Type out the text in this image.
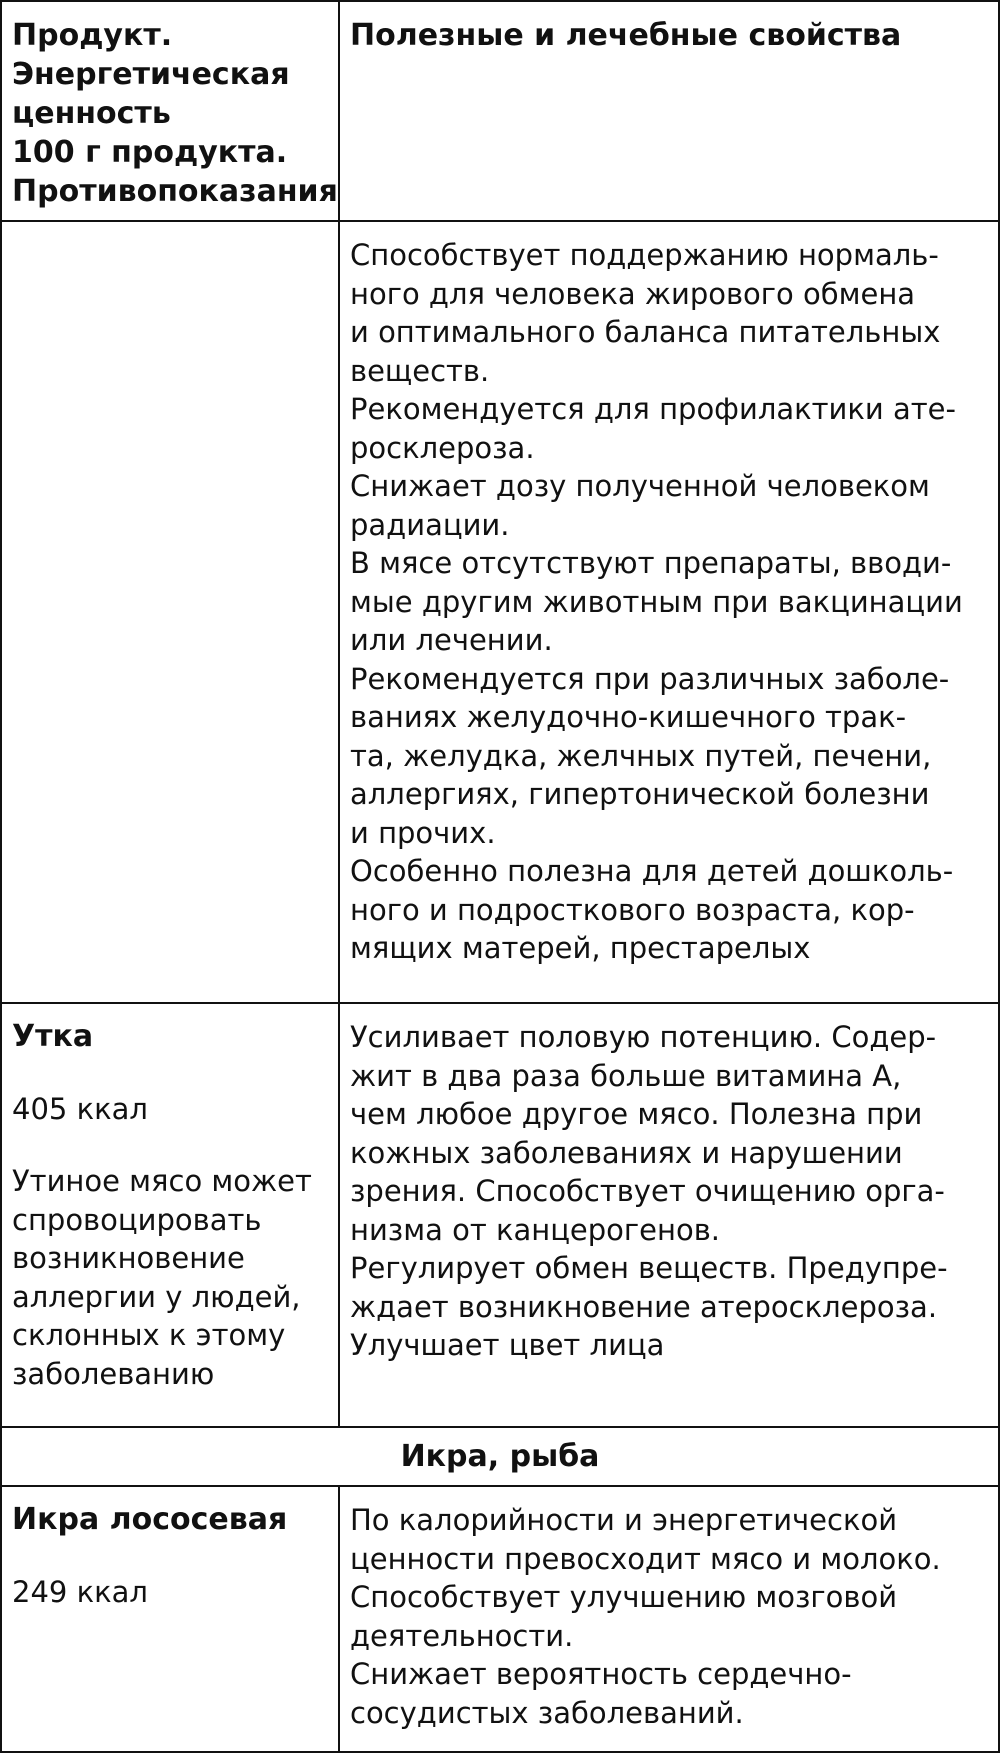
Продукт.
Энергетическая
ценность
100 г продукта.
Противопоказания

Полезные и лечебные свойства

Способствует поддержанию нормаль-
ного для человека жирового обмена
и оптимального баланса питательных
веществ.
Рекомендуется для профилактики ате-
росклероза.
Снижает дозу полученной человеком
радиации.
В мясе отсутствуют препараты, вводи-
мые другим животным при вакцинации
или лечении.
Рекомендуется при различных заболе-
ваниях желудочно-кишечного трак-
та, желудка, желчных путей, печени,
аллергиях, гипертонической болезни
и прочих.
Особенно полезна для детей дошколь-
ного и подросткового возраста, кор-
мящих матерей, престарелых

Утка

405 ккал

Утиное мясо может
спровоцировать
возникновение
аллергии у людей,
склонных к этому
заболеванию

Усиливает половую потенцию. Содер-
жит в два раза больше витамина А,
чем любое другое мясо. Полезна при
кожных заболеваниях и нарушении
зрения. Способствует очищению орга-
низма от канцерогенов.
Регулирует обмен веществ. Предупре-
ждает возникновение атеросклероза.
Улучшает цвет лица

Икра, рыба

Икра лососевая

249 ккал

По калорийности и энергетической
ценности превосходит мясо и молоко.
Способствует улучшению мозговой
деятельности.
Снижает вероятность сердечно-
сосудистых заболеваний.
